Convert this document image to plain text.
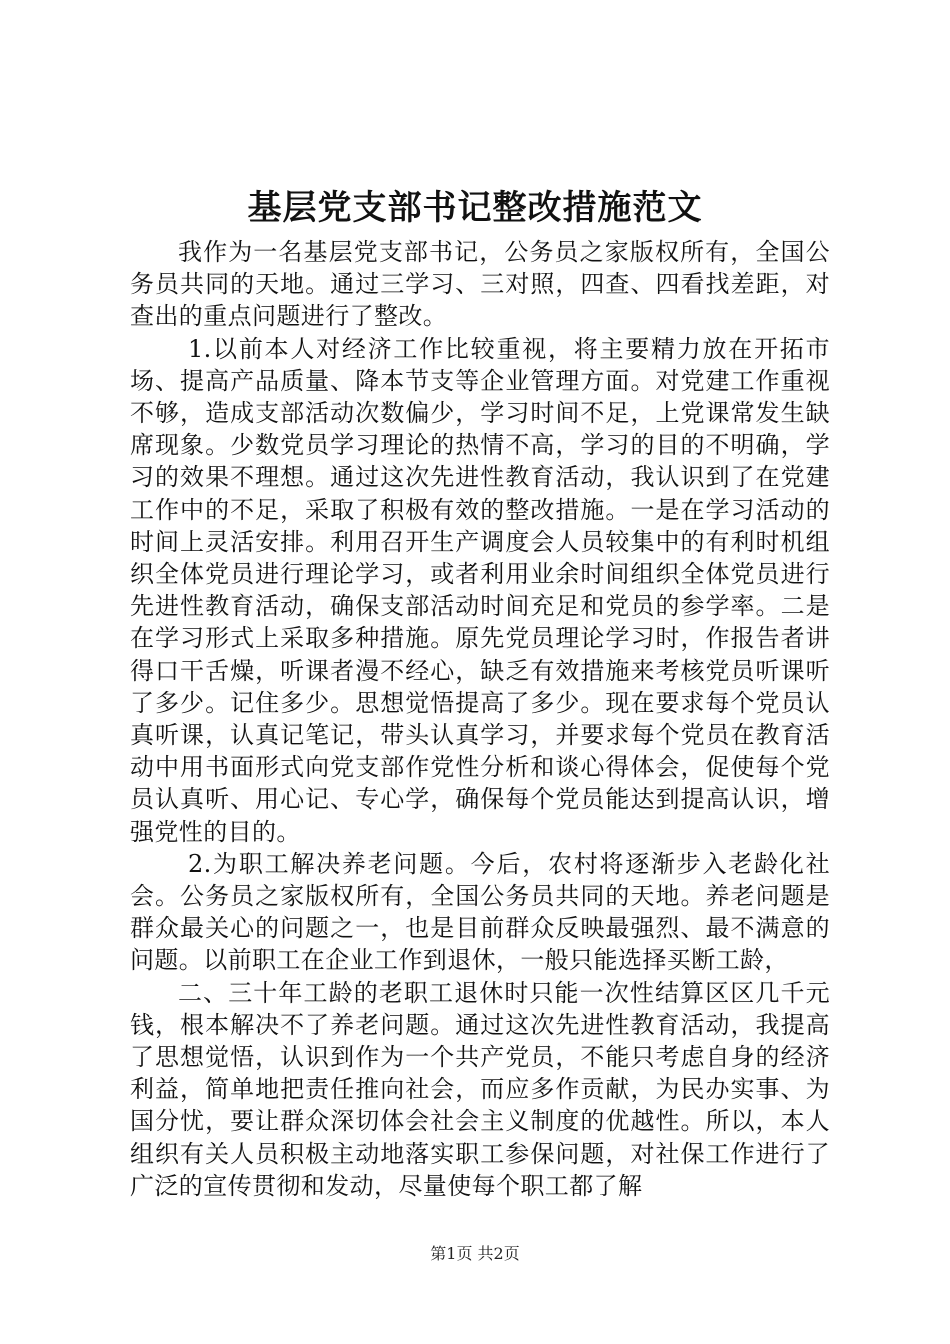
基层党支部书记整改措施范文

我作为一名基层党支部书记，公务员之家版权所有，全国公务员共同的天地。通过三学习、三对照，四查、四看找差距，对查出的重点问题进行了整改。

1.以前本人对经济工作比较重视，将主要精力放在开拓市场、提高产品质量、降本节支等企业管理方面。对党建工作重视不够，造成支部活动次数偏少，学习时间不足，上党课常发生缺席现象。少数党员学习理论的热情不高，学习的目的不明确，学习的效果不理想。通过这次先进性教育活动，我认识到了在党建工作中的不足，采取了积极有效的整改措施。一是在学习活动的时间上灵活安排。利用召开生产调度会人员较集中的有利时机组织全体党员进行理论学习，或者利用业余时间组织全体党员进行先进性教育活动，确保支部活动时间充足和党员的参学率。二是在学习形式上采取多种措施。原先党员理论学习时，作报告者讲得口干舌燥，听课者漫不经心，缺乏有效措施来考核党员听课听了多少。记住多少。思想觉悟提高了多少。现在要求每个党员认真听课，认真记笔记，带头认真学习，并要求每个党员在教育活动中用书面形式向党支部作党性分析和谈心得体会，促使每个党员认真听、用心记、专心学，确保每个党员能达到提高认识，增强党性的目的。

2.为职工解决养老问题。今后，农村将逐渐步入老龄化社会。公务员之家版权所有，全国公务员共同的天地。养老问题是群众最关心的问题之一，也是目前群众反映最强烈、最不满意的问题。以前职工在企业工作到退休，一般只能选择买断工龄，

二、三十年工龄的老职工退休时只能一次性结算区区几千元钱，根本解决不了养老问题。通过这次先进性教育活动，我提高了思想觉悟，认识到作为一个共产党员，不能只考虑自身的经济利益，简单地把责任推向社会，而应多作贡献，为民办实事、为国分忧，要让群众深切体会社会主义制度的优越性。所以，本人组织有关人员积极主动地落实职工参保问题，对社保工作进行了广泛的宣传贯彻和发动，尽量使每个职工都了解

第1页 共2页
